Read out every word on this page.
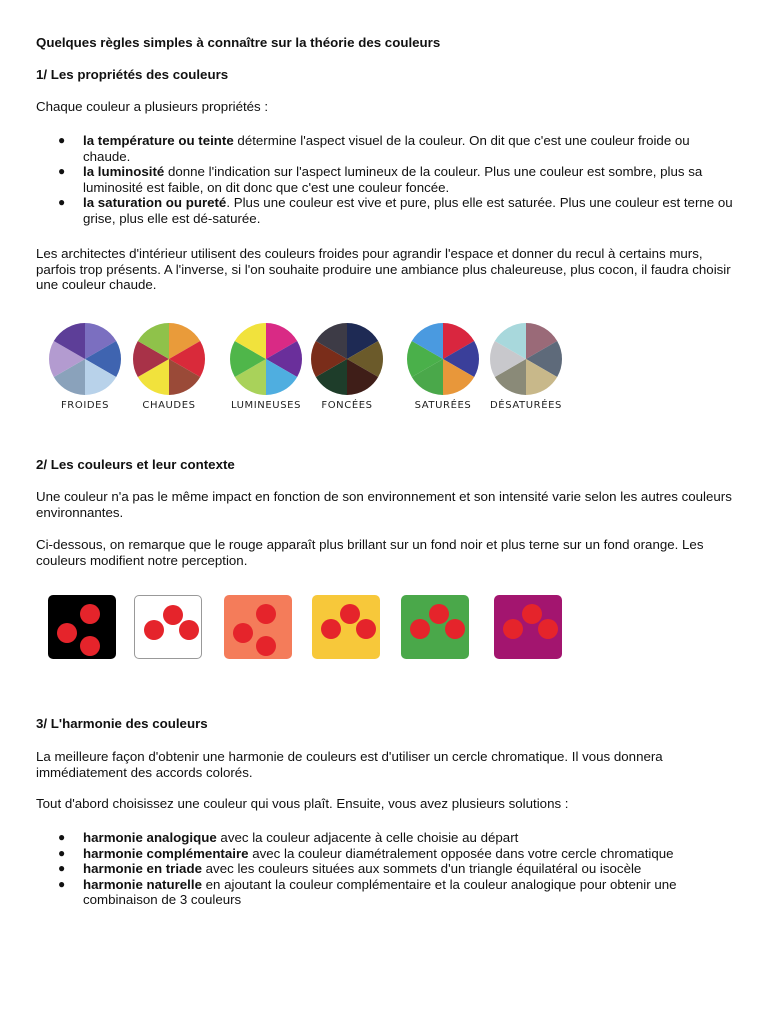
Quelques règles simples à connaître sur la théorie des couleurs

1/ Les propriétés des couleurs

Chaque couleur a plusieurs propriétés :

● la température ou teinte détermine l'aspect visuel de la couleur. On dit que c'est une couleur froide ou chaude.
● la luminosité donne l'indication sur l'aspect lumineux de la couleur. Plus une couleur est sombre, plus sa luminosité est faible, on dit donc que c'est une couleur foncée.
● la saturation ou pureté. Plus une couleur est vive et pure, plus elle est saturée. Plus une couleur est terne ou grise, plus elle est dé-saturée.

Les architectes d'intérieur utilisent des couleurs froides pour agrandir l'espace et donner du recul à certains murs, parfois trop présents. A l'inverse, si l'on souhaite produire une ambiance plus chaleureuse, plus cocon, il faudra choisir une couleur chaude.

FROIDES	CHAUDES	LUMINEUSES	FONCÉES	SATURÉES	DÉSATURÉES

2/ Les couleurs et leur contexte

Une couleur n'a pas le même impact en fonction de son environnement et son intensité varie selon les autres couleurs environnantes.

Ci-dessous, on remarque que le rouge apparaît plus brillant sur un fond noir et plus terne sur un fond orange. Les couleurs modifient notre perception.

3/ L'harmonie des couleurs

La meilleure façon d'obtenir une harmonie de couleurs est d'utiliser un cercle chromatique. Il vous donnera immédiatement des accords colorés.

Tout d'abord choisissez une couleur qui vous plaît. Ensuite, vous avez plusieurs solutions :

● harmonie analogique avec la couleur adjacente à celle choisie au départ
● harmonie complémentaire avec la couleur diamétralement opposée dans votre cercle chromatique
● harmonie en triade avec les couleurs situées aux sommets d'un triangle équilatéral ou isocèle
● harmonie naturelle en ajoutant la couleur complémentaire et la couleur analogique pour obtenir une combinaison de 3 couleurs
